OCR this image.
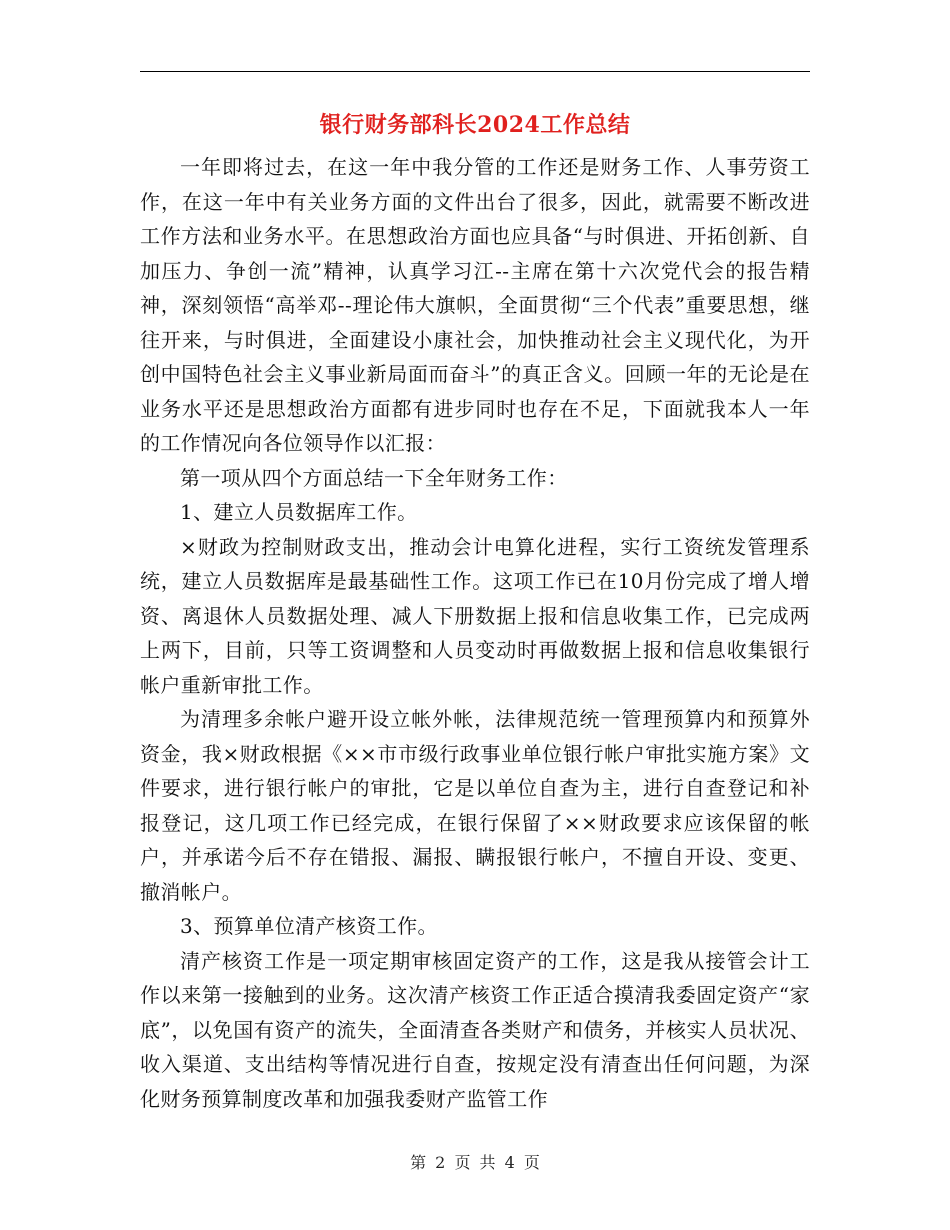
银行财务部科长2024工作总结

一年即将过去，在这一年中我分管的工作还是财务工作、人事劳资工作，在这一年中有关业务方面的文件出台了很多，因此，就需要不断改进工作方法和业务水平。在思想政治方面也应具备“与时俱进、开拓创新、自加压力、争创一流”精神，认真学习江--主席在第十六次党代会的报告精神，深刻领悟“高举邓--理论伟大旗帜，全面贯彻“三个代表”重要思想，继往开来，与时俱进，全面建设小康社会，加快推动社会主义现代化，为开创中国特色社会主义事业新局面而奋斗”的真正含义。回顾一年的无论是在业务水平还是思想政治方面都有进步同时也存在不足，下面就我本人一年的工作情况向各位领导作以汇报：

第一项从四个方面总结一下全年财务工作：

1、建立人员数据库工作。

×财政为控制财政支出，推动会计电算化进程，实行工资统发管理系统，建立人员数据库是最基础性工作。这项工作已在10月份完成了增人增资、离退休人员数据处理、减人下册数据上报和信息收集工作，已完成两上两下，目前，只等工资调整和人员变动时再做数据上报和信息收集银行帐户重新审批工作。

为清理多余帐户避开设立帐外帐，法律规范统一管理预算内和预算外资金，我×财政根据《××市市级行政事业单位银行帐户审批实施方案》文件要求，进行银行帐户的审批，它是以单位自查为主，进行自查登记和补报登记，这几项工作已经完成，在银行保留了××财政要求应该保留的帐户，并承诺今后不存在错报、漏报、瞒报银行帐户，不擅自开设、变更、撤消帐户。

3、预算单位清产核资工作。

清产核资工作是一项定期审核固定资产的工作，这是我从接管会计工作以来第一接触到的业务。这次清产核资工作正适合摸清我委固定资产“家底”，以免国有资产的流失，全面清查各类财产和债务，并核实人员状况、收入渠道、支出结构等情况进行自查，按规定没有清查出任何问题，为深化财务预算制度改革和加强我委财产监管工作

第 2 页 共 4 页
